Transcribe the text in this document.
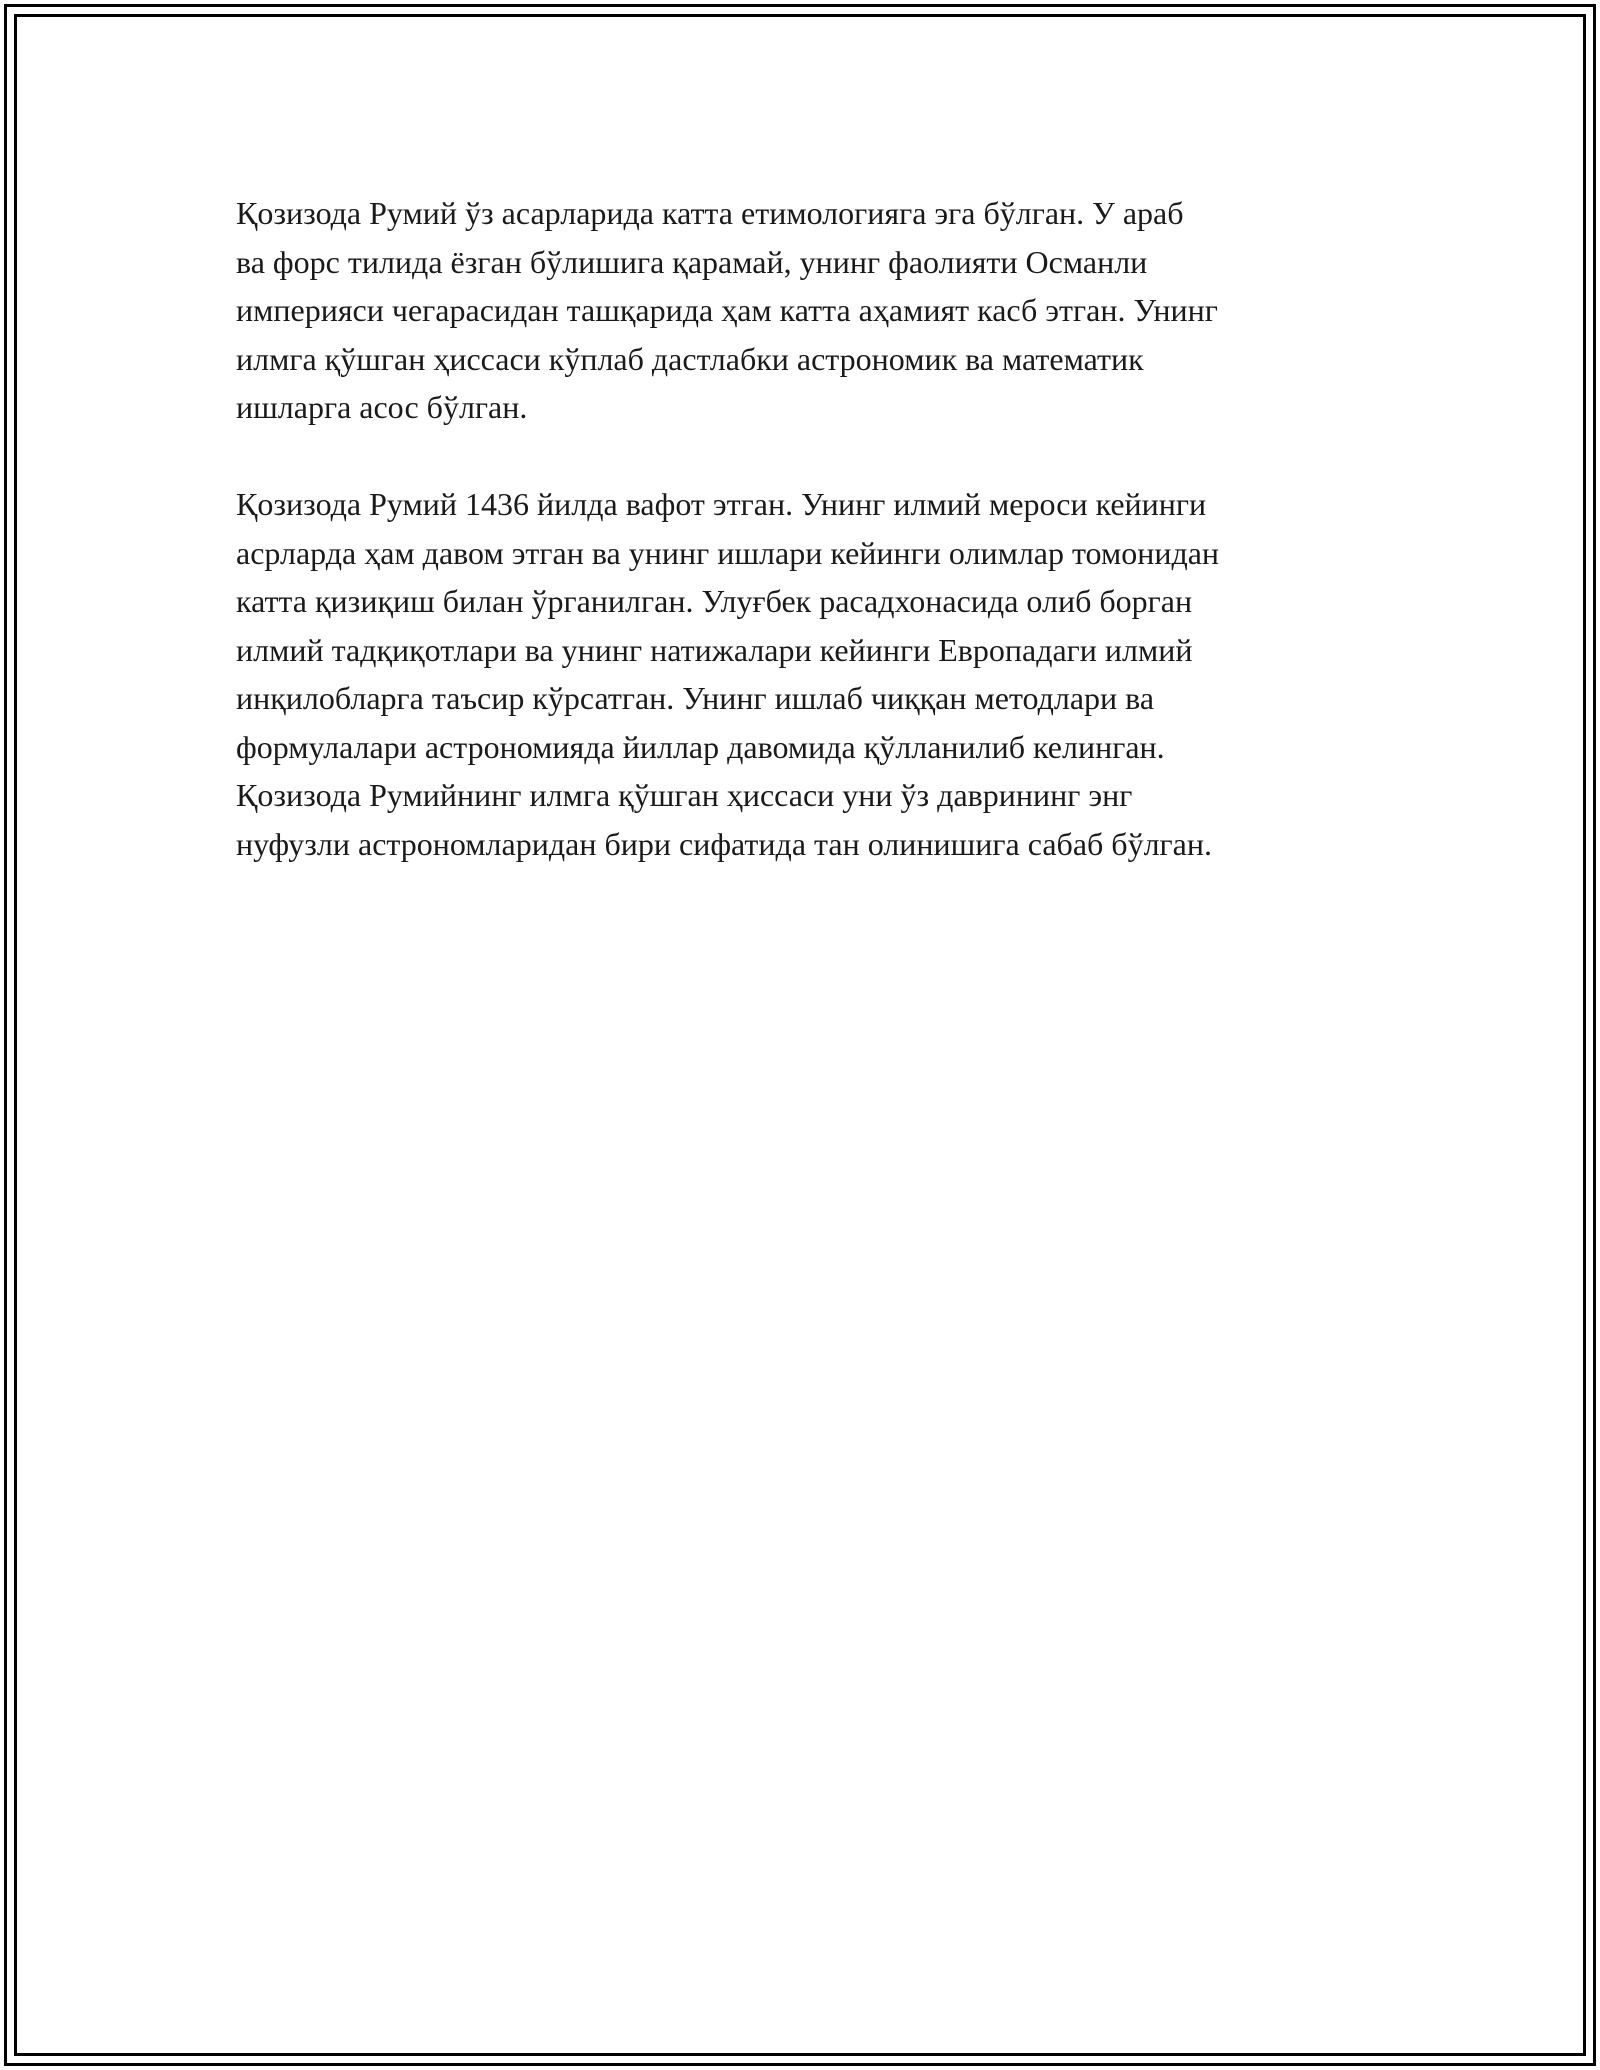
Қозизода Румий ўз асарларида катта етимологияга эга бўлган. У араб
ва форс тилида ёзган бўлишига қарамай, унинг фаолияти Османли
империяси чегарасидан ташқарида ҳам катта аҳамият касб этган. Унинг
илмга қўшган ҳиссаси кўплаб дастлабки астрономик ва математик
ишларга асос бўлган.

Қозизода Румий 1436 йилда вафот этган. Унинг илмий мероси кейинги
асрларда ҳам давом этган ва унинг ишлари кейинги олимлар томонидан
катта қизиқиш билан ўрганилган. Улуғбек расадхонасида олиб борган
илмий тадқиқотлари ва унинг натижалари кейинги Европадаги илмий
инқилобларга таъсир кўрсатган. Унинг ишлаб чиққан методлари ва
формулалари астрономияда йиллар давомида қўлланилиб келинган.
Қозизода Румийнинг илмга қўшган ҳиссаси уни ўз даврининг энг
нуфузли астрономларидан бири сифатида тан олинишига сабаб бўлган.
